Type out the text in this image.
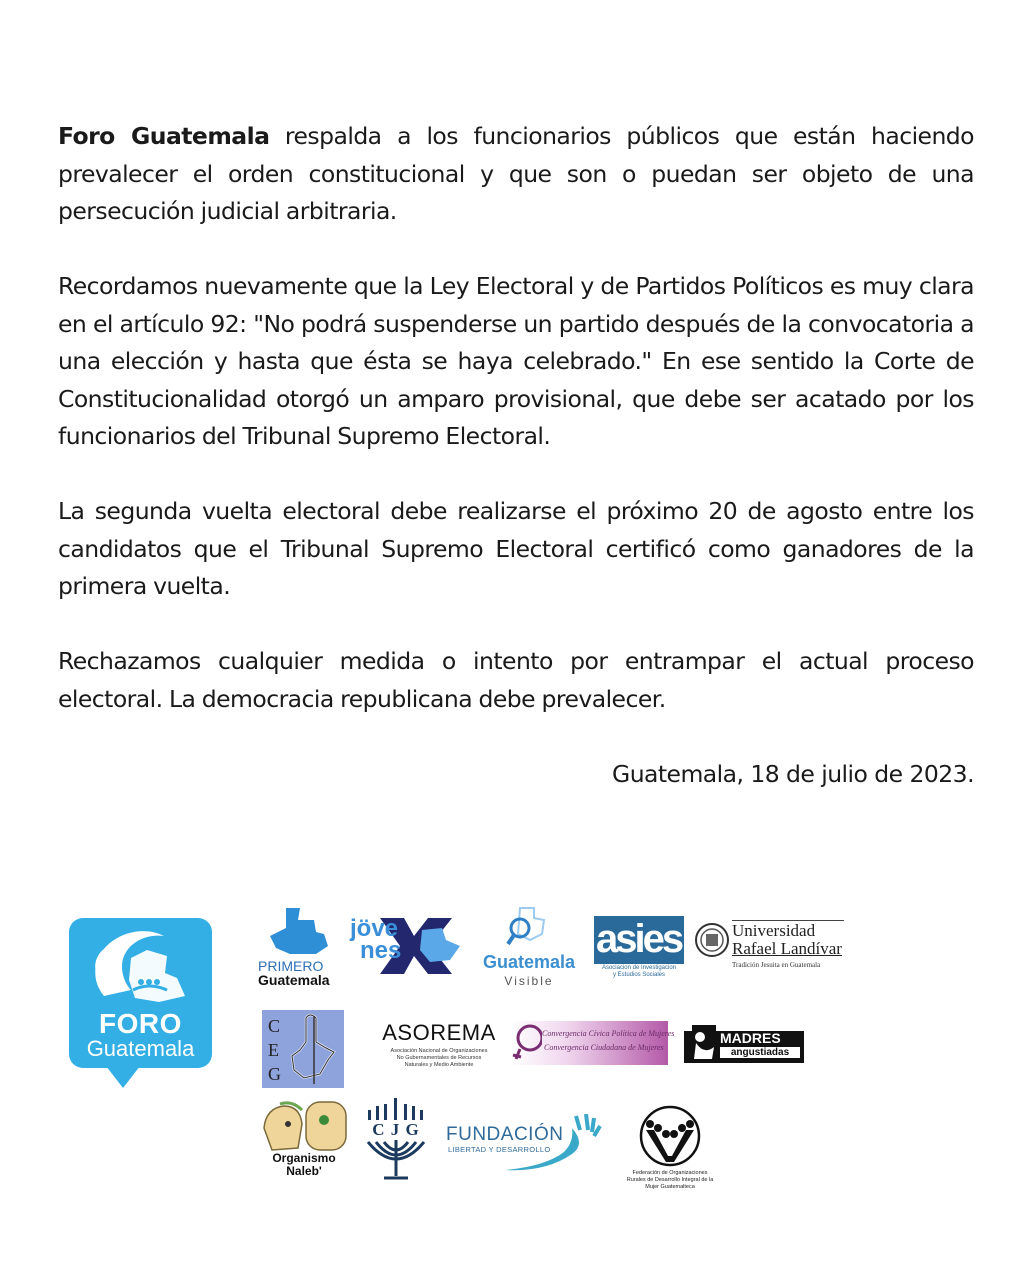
Foro Guatemala respalda a los funcionarios públicos que están haciendo prevalecer el orden constitucional y que son o puedan ser objeto de una persecución judicial arbitraria.

Recordamos nuevamente que la Ley Electoral y de Partidos Políticos es muy clara en el artículo 92: "No podrá suspenderse un partido después de la convocatoria a una elección y hasta que ésta se haya celebrado." En ese sentido la Corte de Constitucionalidad otorgó un amparo provisional, que debe ser acatado por los funcionarios del Tribunal Supremo Electoral.

La segunda vuelta electoral debe realizarse el próximo 20 de agosto entre los candidatos que el Tribunal Supremo Electoral certificó como ganadores de la primera vuelta.

Rechazamos cualquier medida o intento por entrampar el actual proceso electoral. La democracia republicana debe prevalecer.

Guatemala, 18 de julio de 2023.
FORO
Guatemala
PRIMERO
Guatemala
jöve
nes	Guatemala
Visible
asies
Asociacion de Investigacion
y Estudios Sociales
Universidad
Rafael Landívar
Tradición Jesuita en Guatemala
C
E
G
ASOREMA
Asociación Nacional de Organizaciones
No Gubernamentales de Recursos
Naturales y Medio Ambiente
Convergencia Cívica Política de Mujeres
Convergencia Ciudadana de Mujeres
MADRES
angustiadas
Organismo
Naleb'
C J G	FUNDACIÓN
LIBERTAD Y DESARROLLO
Federación de Organizaciones
Rurales de Desarrollo Integral de la
Mujer Guatemalteca
